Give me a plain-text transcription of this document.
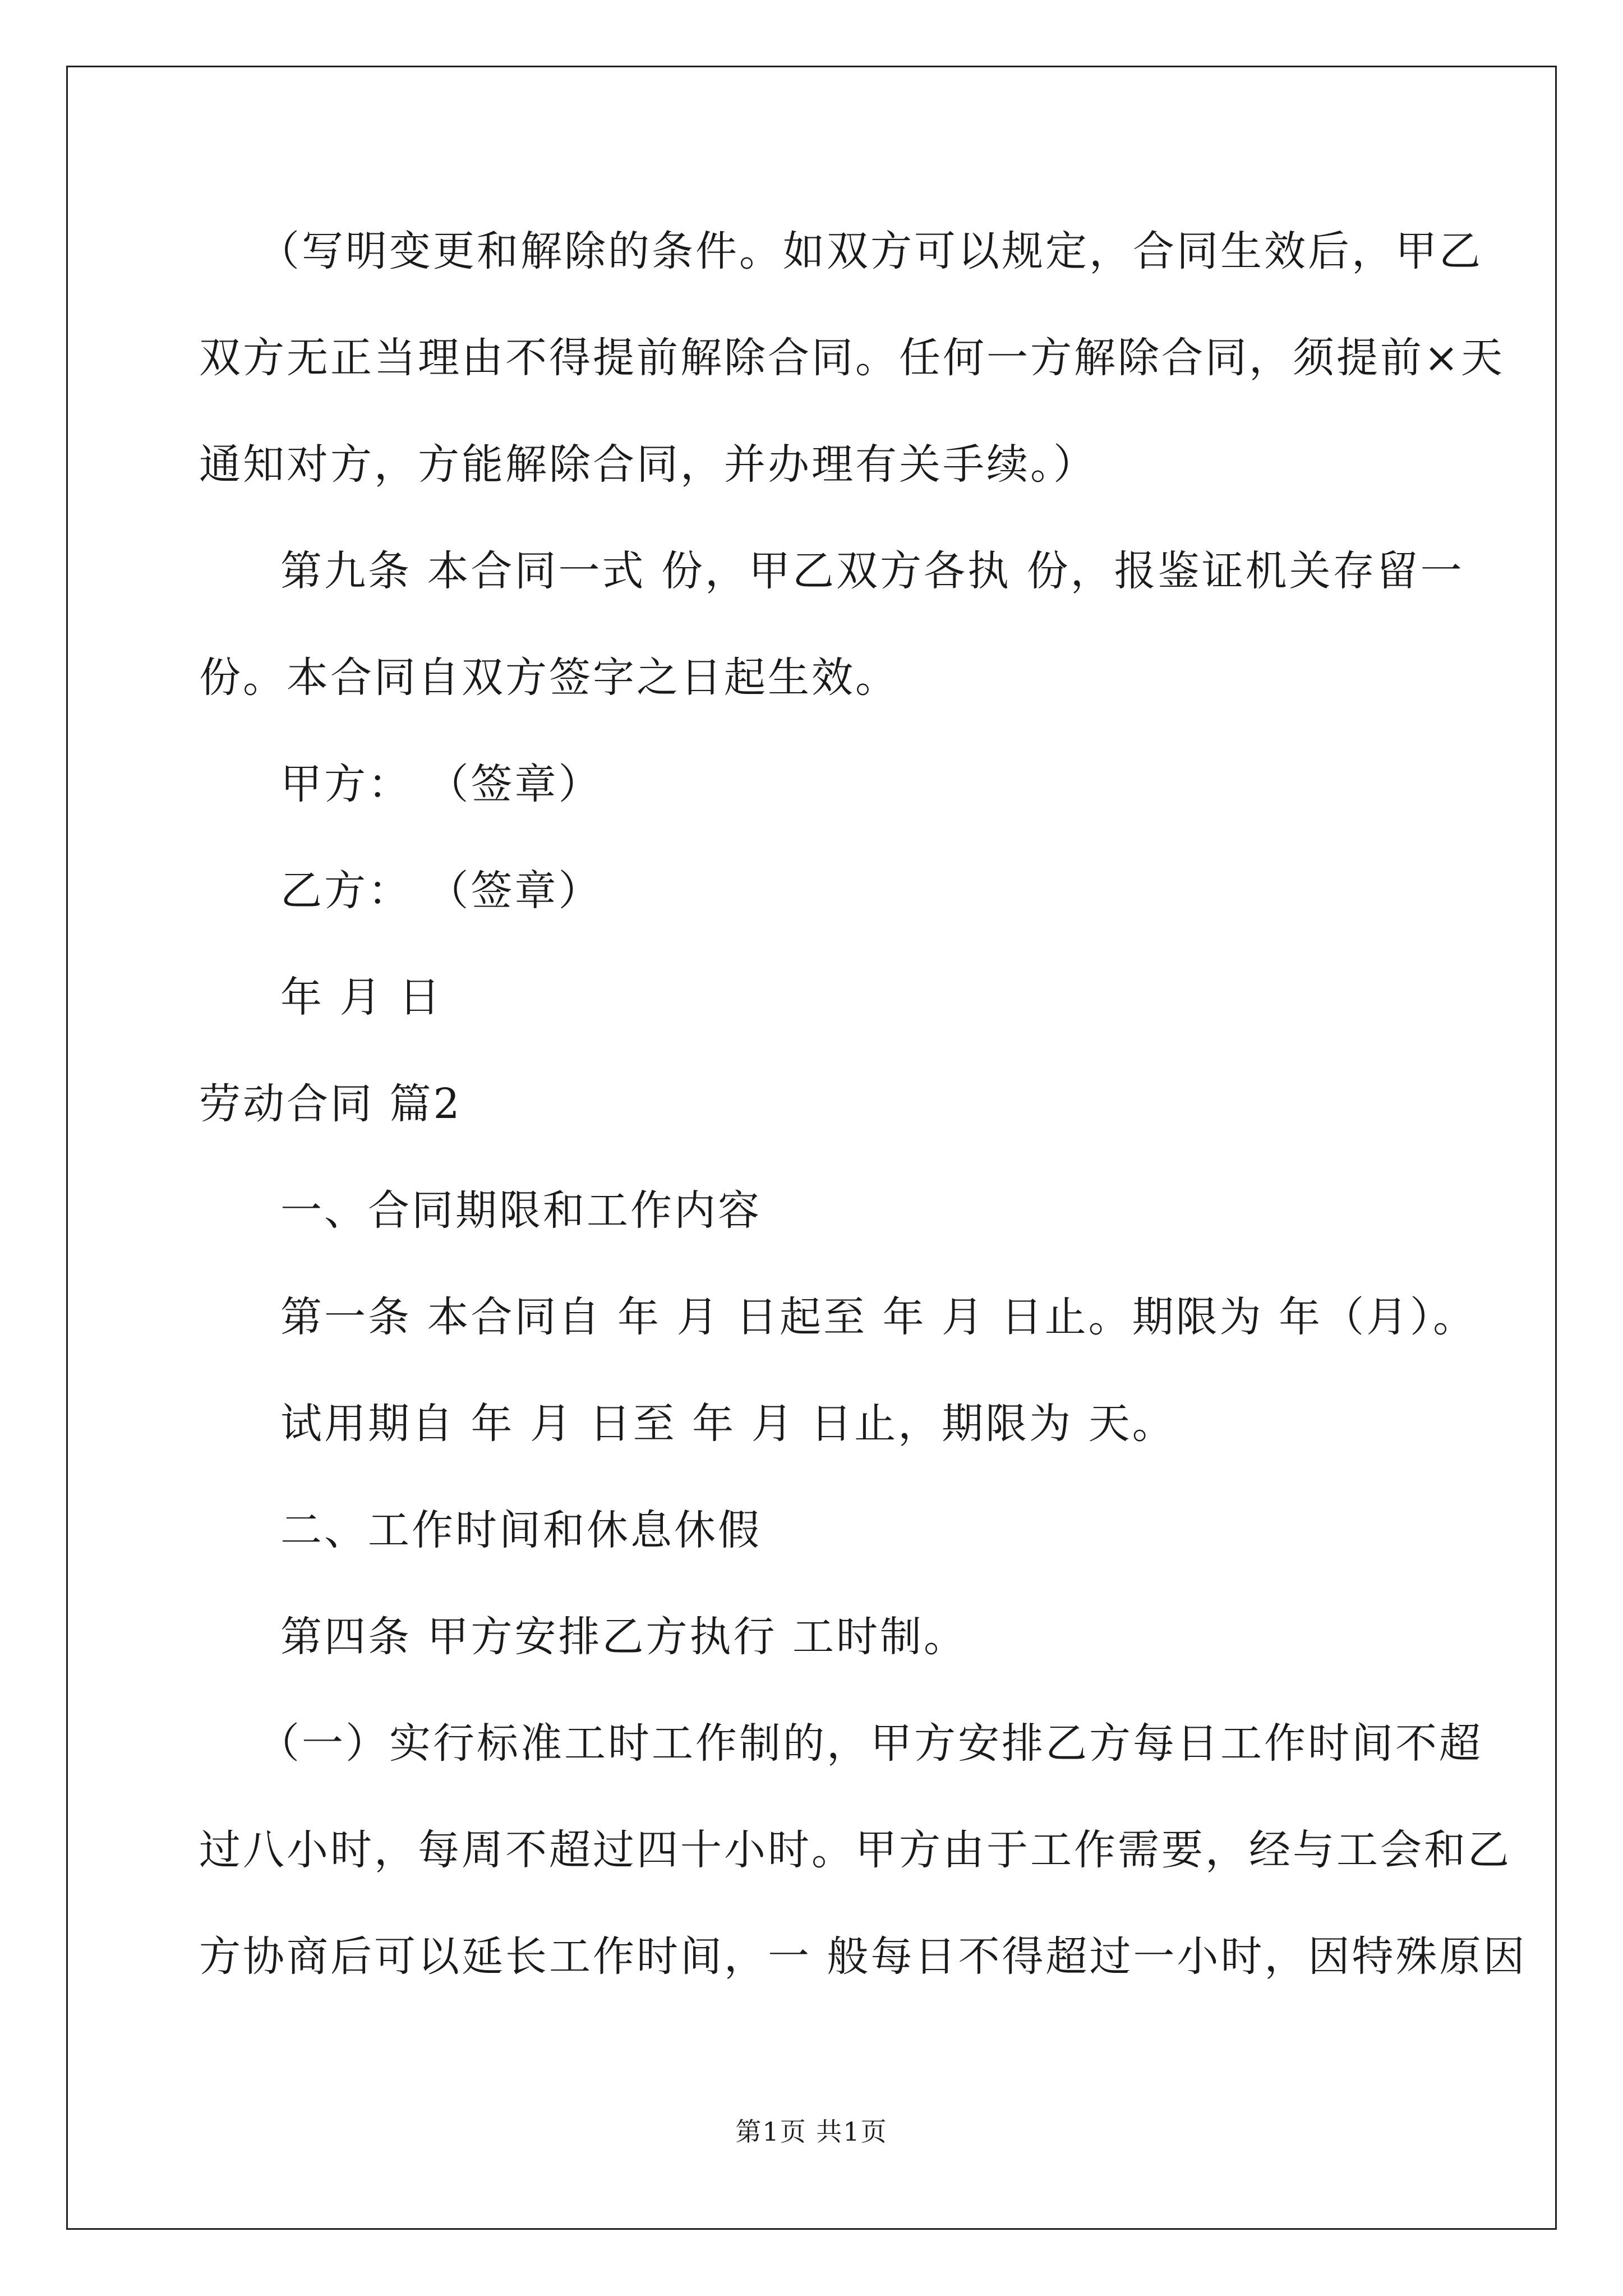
（写明变更和解除的条件。如双方可以规定，合同生效后，甲乙

双方无正当理由不得提前解除合同。任何一方解除合同，须提前×天

通知对方，方能解除合同，并办理有关手续。）

第九条 本合同一式 份，甲乙双方各执 份，报鉴证机关存留一

份。本合同自双方签字之日起生效。

甲方： （签章）

乙方： （签章）

年 月 日

劳动合同 篇2

一、合同期限和工作内容

第一条 本合同自 年 月 日起至 年 月 日止。期限为 年（月）。

试用期自 年 月 日至 年 月 日止，期限为 天。

二、工作时间和休息休假

第四条 甲方安排乙方执行 工时制。

（一）实行标准工时工作制的，甲方安排乙方每日工作时间不超

过八小时，每周不超过四十小时。甲方由于工作需要，经与工会和乙

方协商后可以延长工作时间，一 般每日不得超过一小时，因特殊原因

第1页 共1页
